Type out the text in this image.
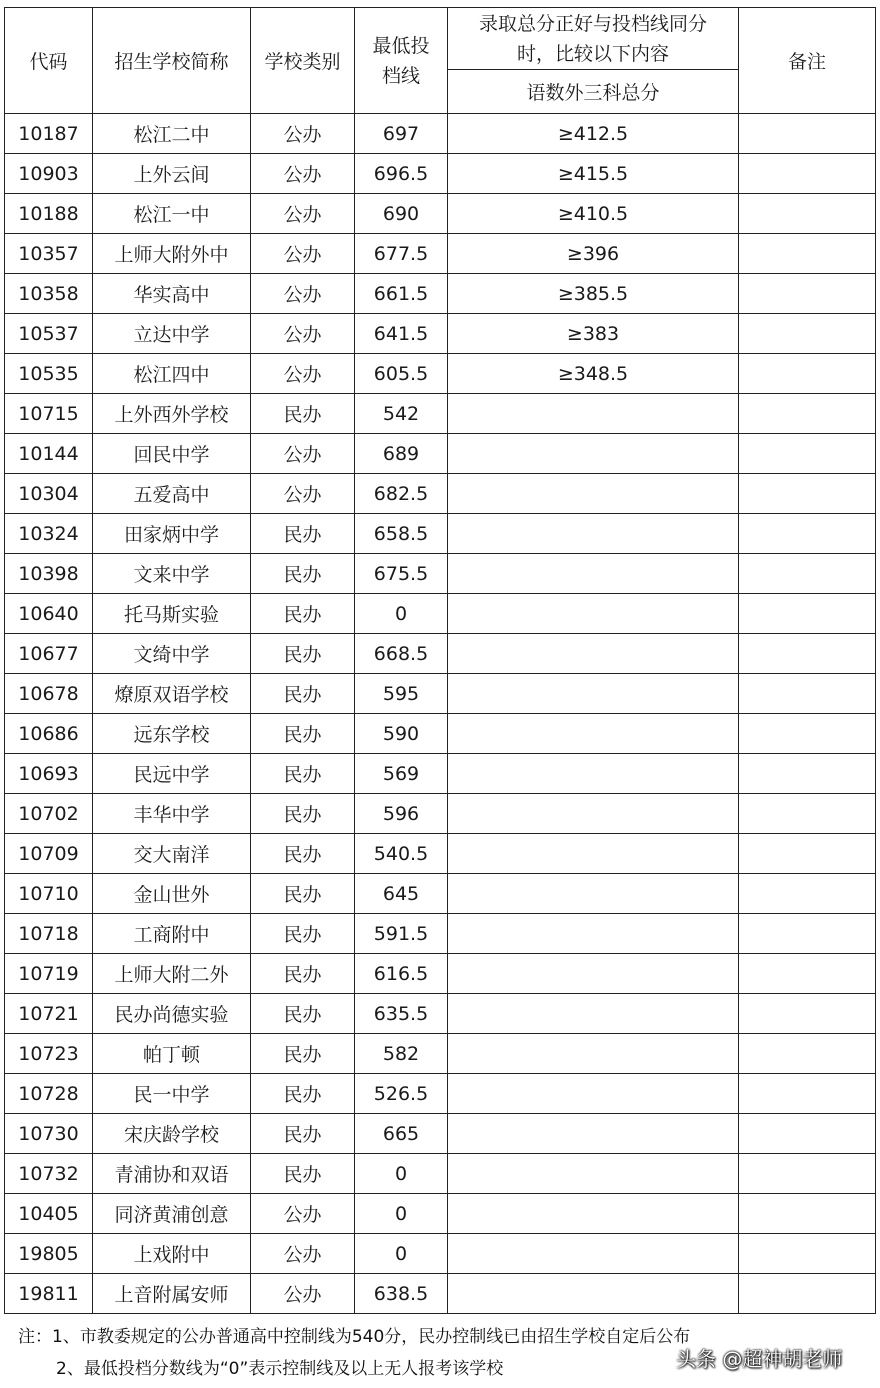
代码	招生学校简称	学校类别	最低投档线	录取总分正好与投档线同分时，比较以下内容	备注
				语数外三科总分	
10187	松江二中	公办	697	≥412.5	
10903	上外云间	公办	696.5	≥415.5	
10188	松江一中	公办	690	≥410.5	
10357	上师大附外中	公办	677.5	≥396	
10358	华实高中	公办	661.5	≥385.5	
10537	立达中学	公办	641.5	≥383	
10535	松江四中	公办	605.5	≥348.5	
10715	上外西外学校	民办	542		
10144	回民中学	公办	689		
10304	五爱高中	公办	682.5		
10324	田家炳中学	民办	658.5		
10398	文来中学	民办	675.5		
10640	托马斯实验	民办	0		
10677	文绮中学	民办	668.5		
10678	燎原双语学校	民办	595		
10686	远东学校	民办	590		
10693	民远中学	民办	569		
10702	丰华中学	民办	596		
10709	交大南洋	民办	540.5		
10710	金山世外	民办	645		
10718	工商附中	民办	591.5		
10719	上师大附二外	民办	616.5		
10721	民办尚德实验	民办	635.5		
10723	帕丁顿	民办	582		
10728	民一中学	民办	526.5		
10730	宋庆龄学校	民办	665		
10732	青浦协和双语	民办	0		
10405	同济黄浦创意	公办	0		
19805	上戏附中	公办	0		
19811	上音附属安师	公办	638.5		
注：1、市教委规定的公办普通高中控制线为540分，民办控制线已由招生学校自定后公布
2、最低投档分数线为“0”表示控制线及以上无人报考该学校	头条 @超神胡老师
